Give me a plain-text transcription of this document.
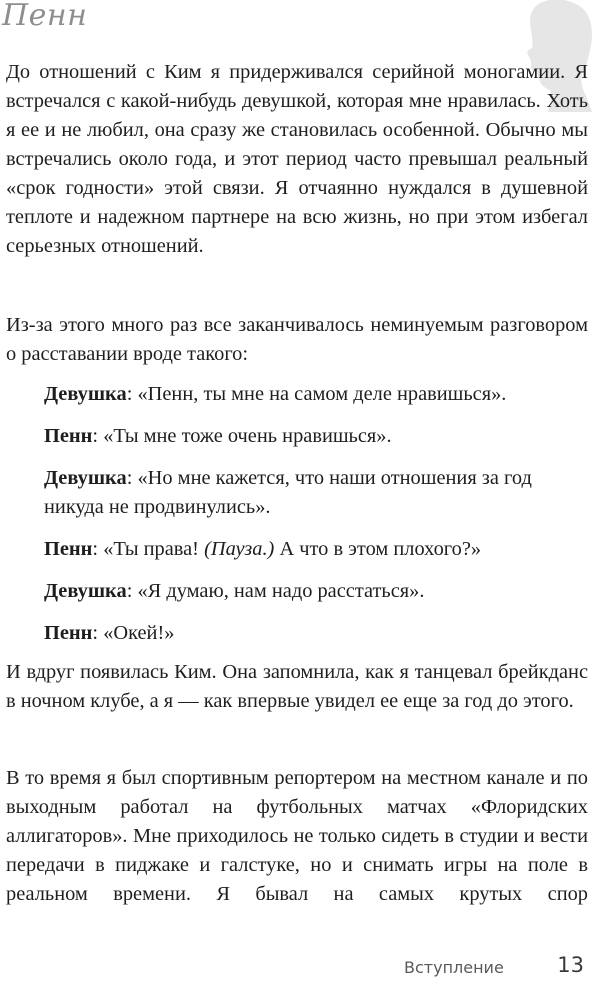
Пенн

До отношений с Ким я придерживался серийной моногамии. Я встречался с какой-нибудь девушкой, которая мне нравилась. Хоть я ее и не любил, она сразу же становилась особенной. Обычно мы встречались около года, и этот период часто превышал реальный «срок годности» этой связи. Я отчаянно нуждался в душевной теплоте и надежном партнере на всю жизнь, но при этом избегал серьезных отношений.

Из-за этого много раз все заканчивалось неминуемым разговором о расставании вроде такого:

Девушка: «Пенн, ты мне на самом деле нравишься».

Пенн: «Ты мне тоже очень нравишься».

Девушка: «Но мне кажется, что наши отношения за год никуда не продвинулись».

Пенн: «Ты права! (Пауза.) А что в этом плохого?»

Девушка: «Я думаю, нам надо расстаться».

Пенн: «Окей!»

И вдруг появилась Ким. Она запомнила, как я танцевал брейкданс в ночном клубе, а я — как впервые увидел ее еще за год до этого.

В то время я был спортивным репортером на местном канале и по выходным работал на футбольных матчах «Флоридских аллигаторов». Мне приходилось не только сидеть в студии и вести передачи в пиджаке и галстуке, но и снимать игры на поле в реальном времени. Я бывал на самых крутых спор

Вступление	13
